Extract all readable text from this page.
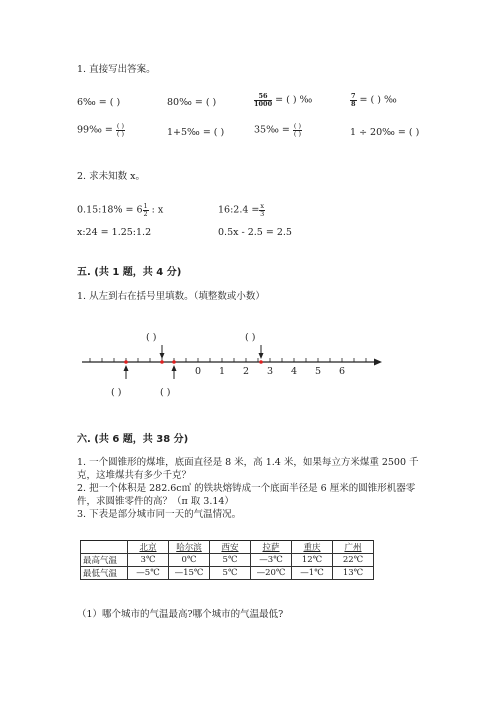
1. 直接写出答案。
6‰ = ( )	80‰ = ( )	$\frac{56}{1000}$ = ( ) ‰	$\frac{7}{8}$ = ( ) ‰
99‰ = $\frac{( )}{( )}$	1+5‰ = ( )	35‰ = $\frac{( )}{( )}$	1 ÷ 20‰ = ( )
2. 求未知数 x。
0.15:18% = $6 \frac{1}{2}$ : x	16:2.4 = $\frac{x}{3}$
x:24 = 1.25:1.2	0.5x - 2.5 = 2.5
五. (共 1 题，共 4 分)
1. 从左到右在括号里填数。（填整数或小数）
( )	( )
( )	( )
0 1 2 3 4 5 6
六. (共 6 题，共 38 分)
1. 一个圆锥形的煤堆，底面直径是 8 米，高 1.4 米，如果每立方米煤重 2500 千
克，这堆煤共有多少千克？
2. 把一个体积是 282.6c㎥ 的铁块熔铸成一个底面半径是 6 厘米的圆锥形机器零
件，求圆锥零件的高？（π 取 3.14）
3. 下表是部分城市同一天的气温情况。
	北京	哈尔滨	西安	拉萨	重庆	广州
最高气温	3℃	0℃	5℃	—3℃	12℃	22℃
最低气温	—5℃	—15℃	5℃	—20℃	—1℃	13℃
（1）哪个城市的气温最高?哪个城市的气温最低?
